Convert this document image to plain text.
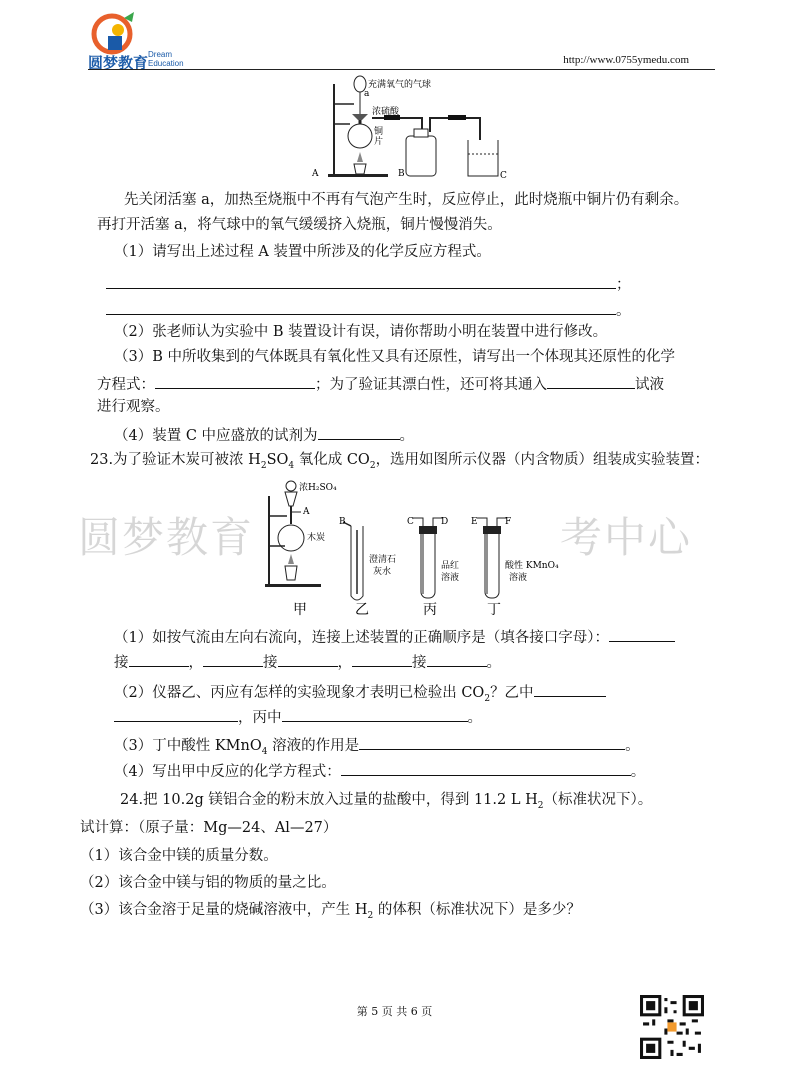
圆梦教育 Dream
Education	http://www.0755ymedu.com
充满氧气的气球
a
浓硫酸
铜
片
A	B	C
先关闭活塞 a，加热至烧瓶中不再有气泡产生时，反应停止，此时烧瓶中铜片仍有剩余。
再打开活塞 a，将气球中的氧气缓缓挤入烧瓶，铜片慢慢消失。
（1）请写出上述过程 A 装置中所涉及的化学反应方程式。
；
。
（2）张老师认为实验中 B 装置设计有误，请你帮助小明在装置中进行修改。
（3）B 中所收集到的气体既具有氧化性又具有还原性，请写出一个体现其还原性的化学
方程式：	；为了验证其漂白性，还可将其通入	试液
进行观察。
（4）装置 C 中应盛放的试剂为	。
23.为了验证木炭可被浓 $H_2SO_4$ 氧化成 $CO_2$，选用如图所示仪器（内含物质）组装成实验装置：
圆梦教育	考中心
浓H₂SO₄
A
木炭
B
澄清石
灰水
C	D
品红
溶液
E	F
酸性 KMnO₄
溶液
甲	乙	丙	丁
（1）如按气流由左向右流向，连接上述装置的正确顺序是（填各接口字母）：
接	，	接	，	接	。
（2）仪器乙、丙应有怎样的实验现象才表明已检验出 $CO_2$？乙中
，丙中	。
（3）丁中酸性 KMnO$_4$ 溶液的作用是	。
（4）写出甲中反应的化学方程式：	。
24.把 10.2g 镁铝合金的粉末放入过量的盐酸中，得到 11.2 L $H_2$（标准状况下）。
试计算：（原子量：Mg—24、Al—27）
（1）该合金中镁的质量分数。
（2）该合金中镁与铝的物质的量之比。
（3）该合金溶于足量的烧碱溶液中，产生 $H_2$ 的体积（标准状况下）是多少？
第 5 页 共 6 页
